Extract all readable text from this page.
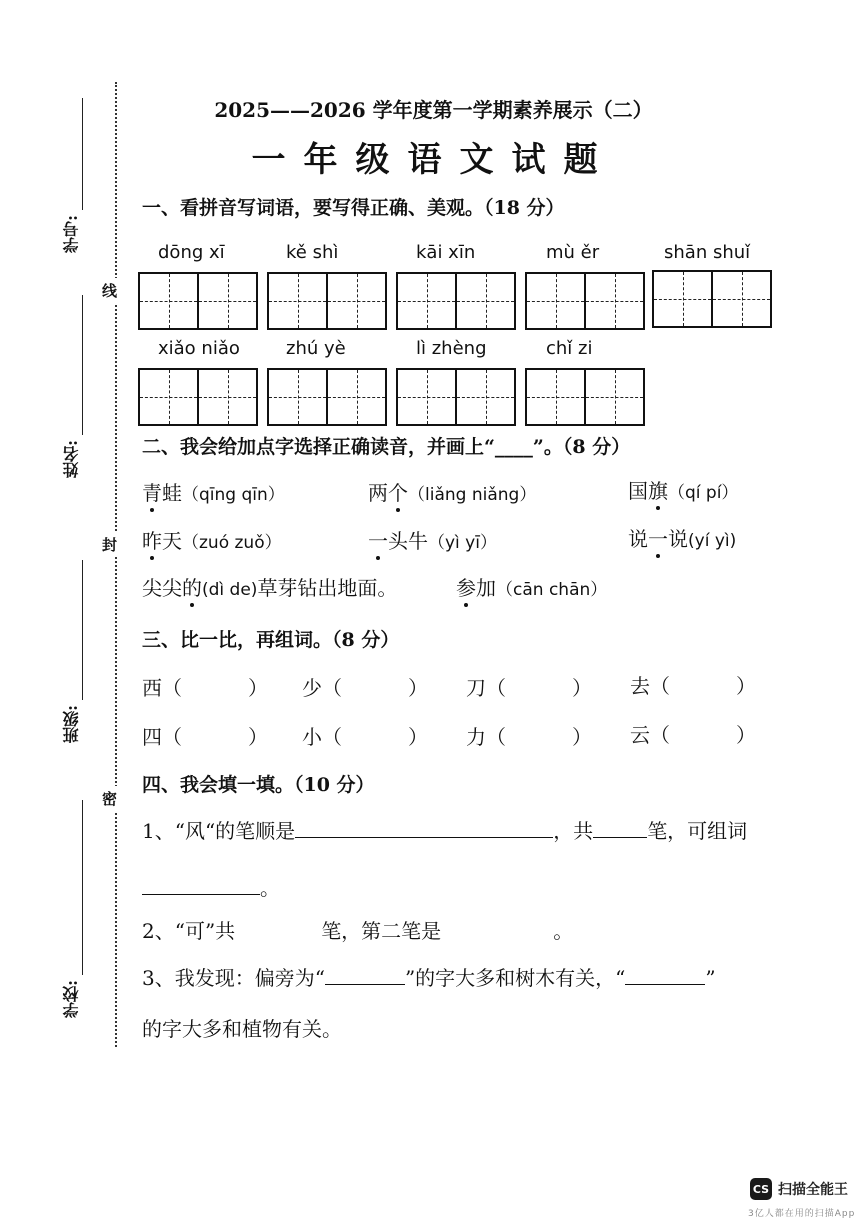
学号:
姓名:
班级:
学校:
线
封
密
2025——2026 学年度第一学期素养展示（二）
一年级语文试题
一、看拼音写词语，要写得正确、美观。（18 分）
dōng xī	kě shì	kāi xīn	mù ěr	shān shuǐ
xiǎo niǎo	zhú yè	lì zhèng	chǐ zi
二、我会给加点字选择正确读音，并画上“____”。（8 分）
青蛙（qīng qīn）	两个（liǎng niǎng）	国旗（qí pí）
昨天（zuó zuǒ）	一头牛（yì yī）	说一说(yí yì)
尖尖的(dì de)草芽钻出地面。	参加（cān chān）
三、比一比，再组词。（8 分）
西（	） 少（	） 刀（	） 去（	）
四（	） 小（	） 力（	） 云（	）
四、我会填一填。（10 分）
1、“风“的笔顺是	，共	笔，可组词
。
2、“可”共	笔，第二笔是	。
3、我发现：偏旁为“	”的字大多和树木有关，“	”
的字大多和植物有关。
CS 扫描全能王
3亿人都在用的扫描App
